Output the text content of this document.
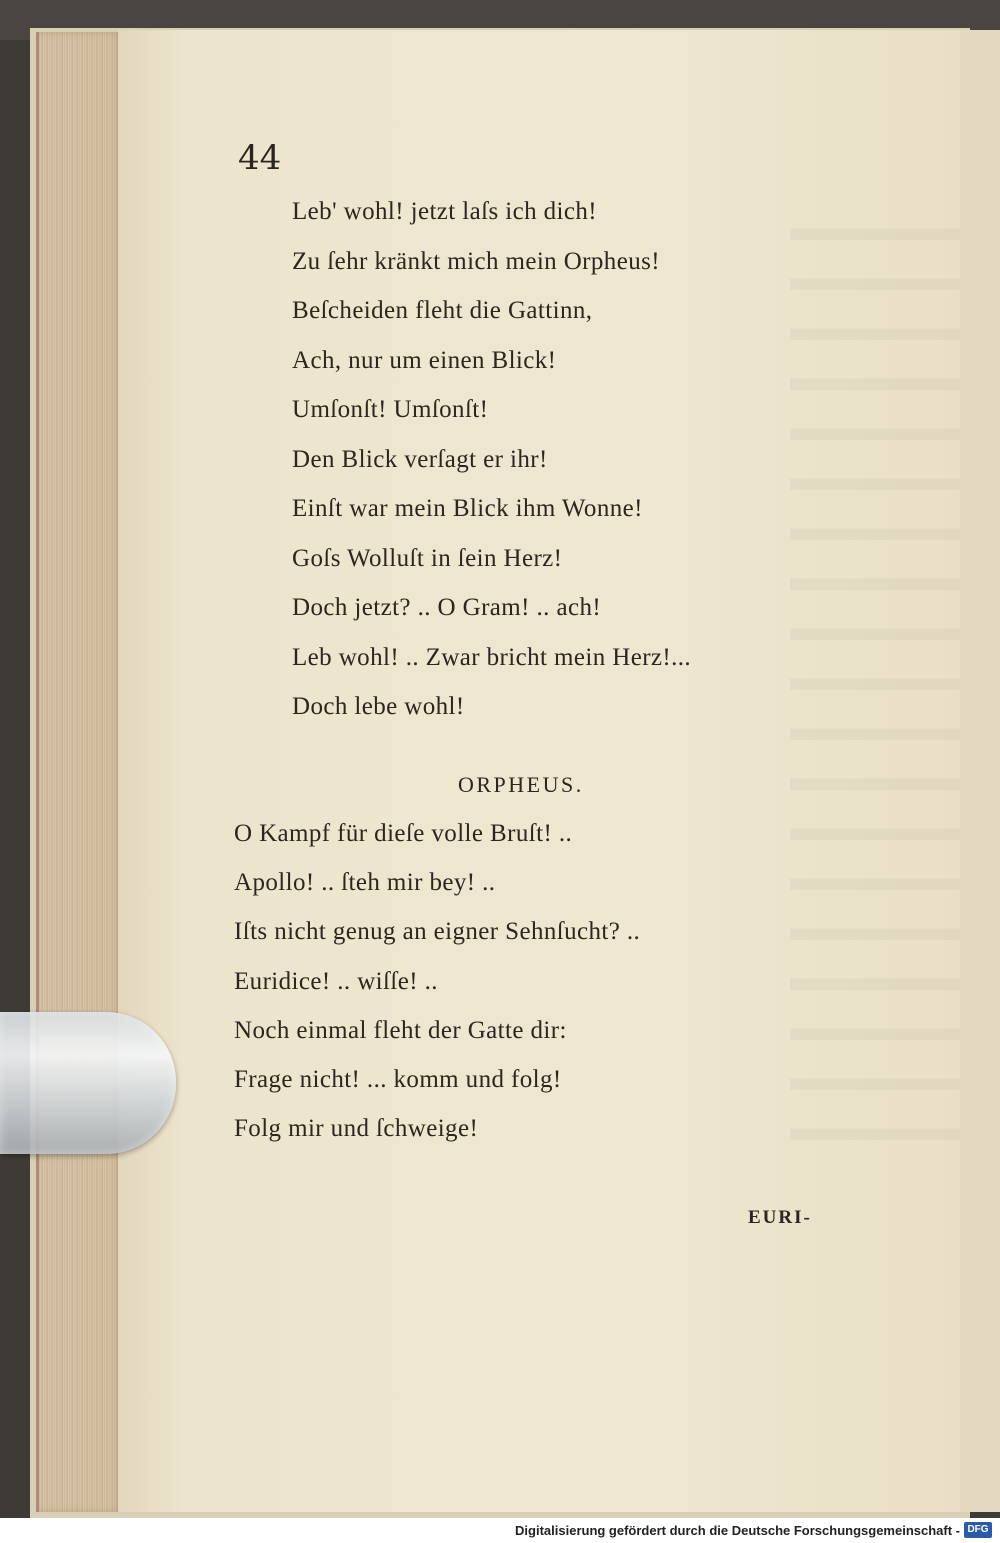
44

Leb' wohl! jetzt laſs ich dich!
Zu ſehr kränkt mich mein Orpheus!
Beſcheiden fleht die Gattinn,
Ach, nur um einen Blick!
Umſonſt! Umſonſt!
Den Blick verſagt er ihr!
Einſt war mein Blick ihm Wonne!
Goſs Wolluſt in ſein Herz!
Doch jetzt? .. O Gram! .. ach!
Leb wohl! .. Zwar bricht mein Herz!...
Doch lebe wohl!
ORPHEUS.
O Kampf für dieſe volle Bruſt! ..
Apollo! .. ſteh mir bey! ..
Iſts nicht genug an eigner Sehnſucht? ..
Euridice! .. wiſſe! ..
Noch einmal fleht der Gatte dir:
Frage nicht! ... komm und folg!
Folg mir und ſchweige!

EURI-

Digitalisierung gefördert durch die Deutsche Forschungsgemeinschaft - DFG
